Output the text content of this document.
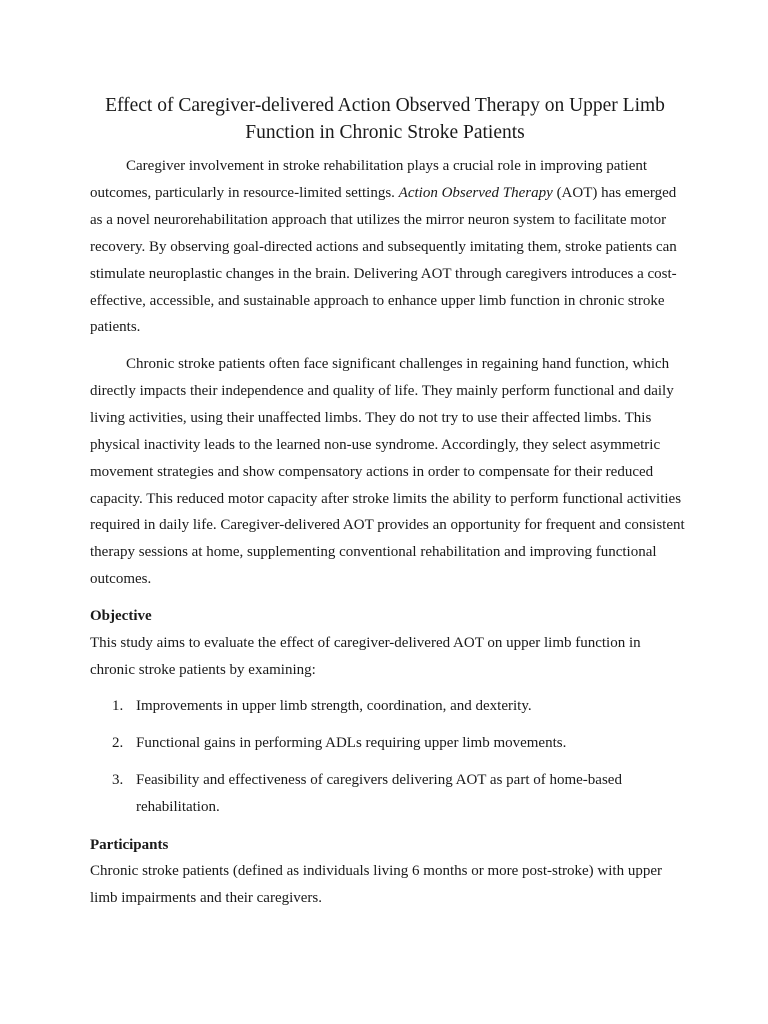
Effect of Caregiver-delivered Action Observed Therapy on Upper Limb Function in Chronic Stroke Patients

Caregiver involvement in stroke rehabilitation plays a crucial role in improving patient outcomes, particularly in resource-limited settings. Action Observed Therapy (AOT) has emerged as a novel neurorehabilitation approach that utilizes the mirror neuron system to facilitate motor recovery. By observing goal-directed actions and subsequently imitating them, stroke patients can stimulate neuroplastic changes in the brain. Delivering AOT through caregivers introduces a cost-effective, accessible, and sustainable approach to enhance upper limb function in chronic stroke patients.

Chronic stroke patients often face significant challenges in regaining hand function, which directly impacts their independence and quality of life. They mainly perform functional and daily living activities, using their unaffected limbs. They do not try to use their affected limbs. This physical inactivity leads to the learned non-use syndrome. Accordingly, they select asymmetric movement strategies and show compensatory actions in order to compensate for their reduced capacity. This reduced motor capacity after stroke limits the ability to perform functional activities required in daily life. Caregiver-delivered AOT provides an opportunity for frequent and consistent therapy sessions at home, supplementing conventional rehabilitation and improving functional outcomes.

Objective

This study aims to evaluate the effect of caregiver-delivered AOT on upper limb function in chronic stroke patients by examining:

1. Improvements in upper limb strength, coordination, and dexterity.
2. Functional gains in performing ADLs requiring upper limb movements.
3. Feasibility and effectiveness of caregivers delivering AOT as part of home-based rehabilitation.
Participants

Chronic stroke patients (defined as individuals living 6 months or more post-stroke) with upper limb impairments and their caregivers.
